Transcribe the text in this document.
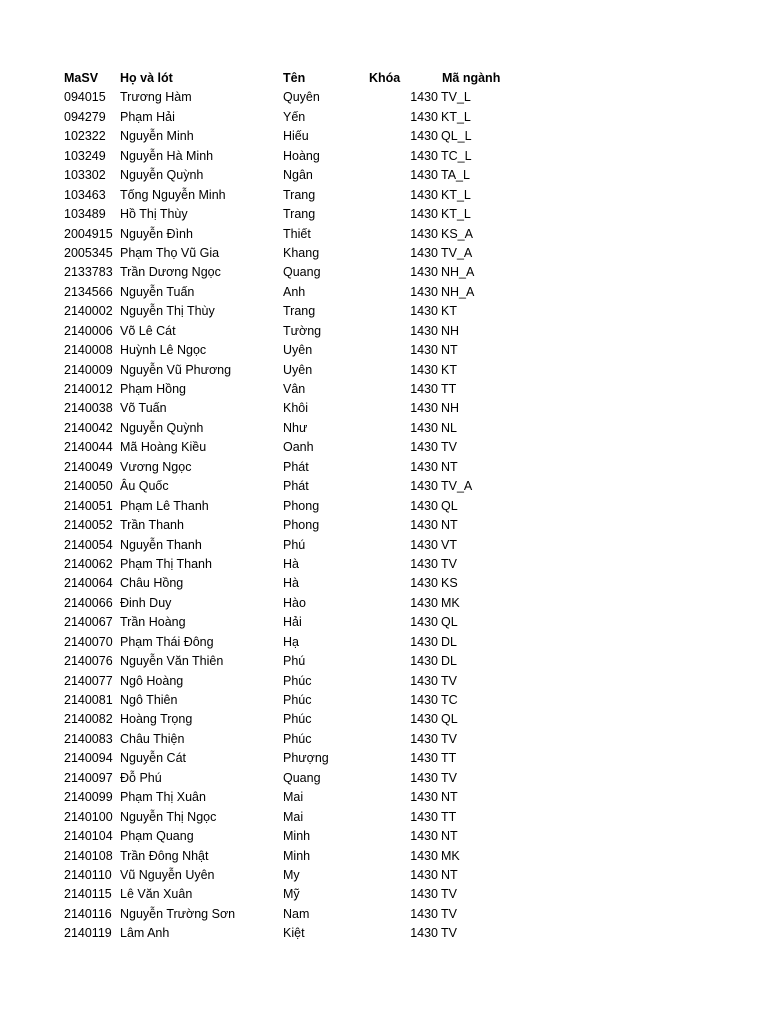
MaSV Họ và lót	Tên	Khóa	Mã ngành
094015 Trương Hàm	Quyên	1430 TV_L
094279 Phạm Hải	Yến	1430 KT_L
102322 Nguyễn Minh	Hiếu	1430 QL_L
103249 Nguyễn Hà Minh	Hoàng	1430 TC_L
103302 Nguyễn Quỳnh	Ngân	1430 TA_L
103463 Tống Nguyễn Minh	Trang	1430 KT_L
103489 Hồ Thị Thùy	Trang	1430 KT_L
2004915 Nguyễn Đình	Thiết	1430 KS_A
2005345 Phạm Thọ Vũ Gia	Khang	1430 TV_A
2133783 Trần Dương Ngọc	Quang	1430 NH_A
2134566 Nguyễn Tuấn	Anh	1430 NH_A
2140002 Nguyễn Thị Thùy	Trang	1430 KT
2140006 Võ Lê Cát	Tường	1430 NH
2140008 Huỳnh Lê Ngọc	Uyên	1430 NT
2140009 Nguyễn Vũ Phương	Uyên	1430 KT
2140012 Phạm Hồng	Vân	1430 TT
2140038 Võ Tuấn	Khôi	1430 NH
2140042 Nguyễn Quỳnh	Như	1430 NL
2140044 Mã Hoàng Kiều	Oanh	1430 TV
2140049 Vương Ngọc	Phát	1430 NT
2140050 Âu Quốc	Phát	1430 TV_A
2140051 Phạm Lê Thanh	Phong	1430 QL
2140052 Trần Thanh	Phong	1430 NT
2140054 Nguyễn Thanh	Phú	1430 VT
2140062 Phạm Thị Thanh	Hà	1430 TV
2140064 Châu Hồng	Hà	1430 KS
2140066 Đinh Duy	Hào	1430 MK
2140067 Trần Hoàng	Hải	1430 QL
2140070 Phạm Thái Đông	Hạ	1430 DL
2140076 Nguyễn Văn Thiên	Phú	1430 DL
2140077 Ngô Hoàng	Phúc	1430 TV
2140081 Ngô Thiên	Phúc	1430 TC
2140082 Hoàng Trọng	Phúc	1430 QL
2140083 Châu Thiện	Phúc	1430 TV
2140094 Nguyễn Cát	Phượng	1430 TT
2140097 Đỗ Phú	Quang	1430 TV
2140099 Phạm Thị Xuân	Mai	1430 NT
2140100 Nguyễn Thị Ngọc	Mai	1430 TT
2140104 Phạm Quang	Minh	1430 NT
2140108 Trần Đông Nhật	Minh	1430 MK
2140110 Vũ Nguyễn Uyên	My	1430 NT
2140115 Lê Văn Xuân	Mỹ	1430 TV
2140116 Nguyễn Trường Sơn	Nam	1430 TV
2140119 Lâm Anh	Kiệt	1430 TV
